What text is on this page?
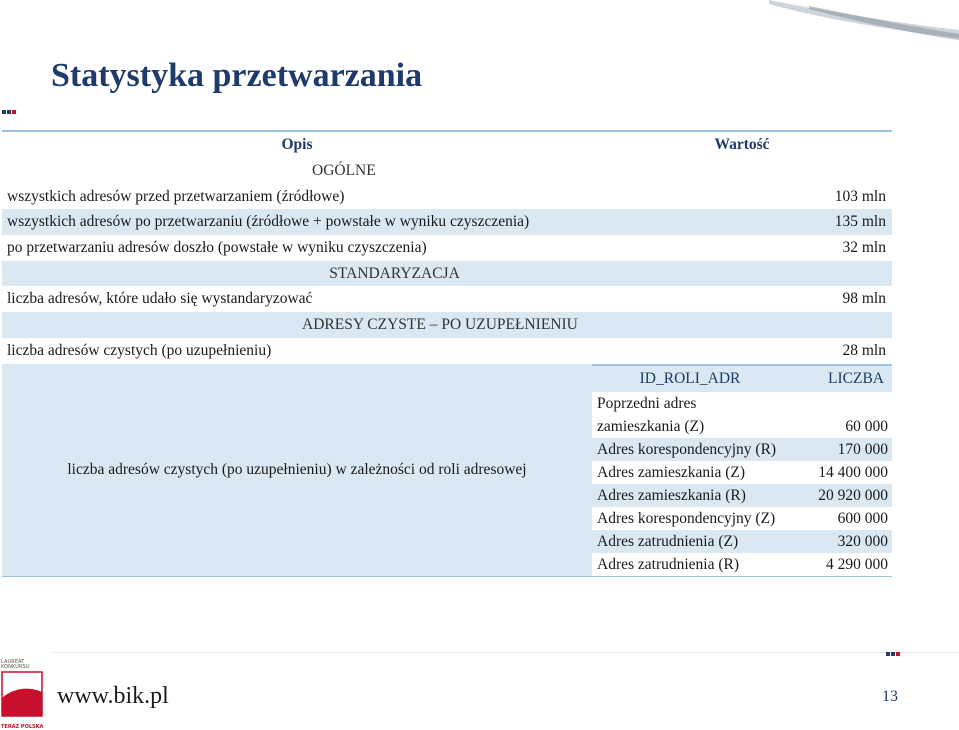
Statystyka przetwarzania
Opis	Wartość
OGÓLNE	
wszystkich adresów przed przetwarzaniem (źródłowe)	103 mln
wszystkich adresów po przetwarzaniu (źródłowe + powstałe w wyniku czyszczenia)	135 mln
po przetwarzaniu adresów doszło (powstałe w wyniku czyszczenia)	32 mln
STANDARYZACJA	
liczba adresów, które udało się wystandaryzować	98 mln
ADRESY CZYSTE – PO UZUPEŁNIENIU	
liczba adresów czystych (po uzupełnieniu)	28 mln
liczba adresów czystych (po uzupełnieniu) w zależności od roli adresowej	
ID_ROLI_ADR	LICZBA
Poprzedni adres zamieszkania (Z)	60 000
Adres korespondencyjny (R)	170 000
Adres zamieszkania (Z)	14 400 000
Adres zamieszkania (R)	20 920 000
Adres korespondencyjny (Z)	600 000
Adres zatrudnienia (Z)	320 000
Adres zatrudnienia (R)	4 290 000
LAUREAT KONKURSU
TERAZ POLSKA
www.bik.pl	13
